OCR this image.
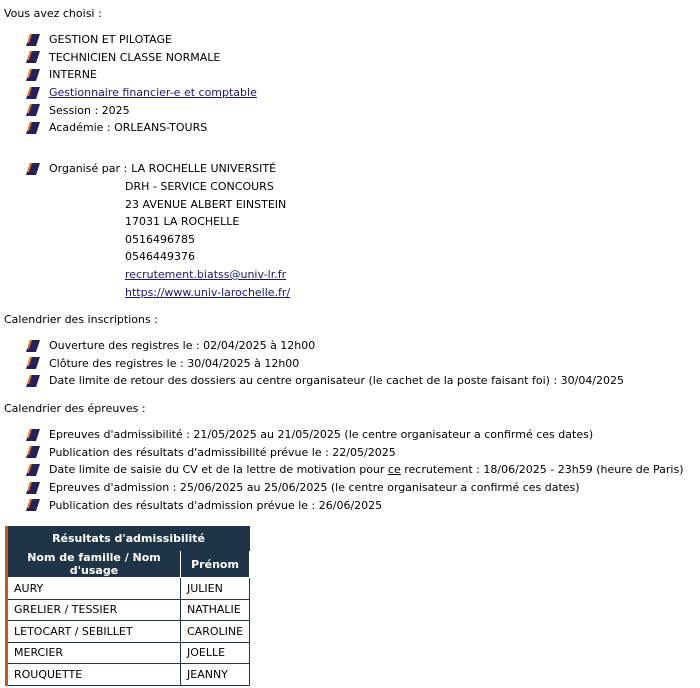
Vous avez choisi :
GESTION ET PILOTAGE
TECHNICIEN CLASSE NORMALE
INTERNE
Gestionnaire financier-e et comptable
Session : 2025
Académie : ORLEANS-TOURS
Organisé par : LA ROCHELLE UNIVERSITÉ
DRH - SERVICE CONCOURS
23 AVENUE ALBERT EINSTEIN
17031 LA ROCHELLE
0516496785
0546449376
recrutement.biatss@univ-lr.fr
https://www.univ-larochelle.fr/
Calendrier des inscriptions :
Ouverture des registres le : 02/04/2025 à 12h00
Clôture des registres le : 30/04/2025 à 12h00
Date limite de retour des dossiers au centre organisateur (le cachet de la poste faisant foi) : 30/04/2025
Calendrier des épreuves :
Epreuves d'admissibilité : 21/05/2025 au 21/05/2025 (le centre organisateur a confirmé ces dates)
Publication des résultats d'admissibilité prévue le : 22/05/2025
Date limite de saisie du CV et de la lettre de motivation pour ce recrutement : 18/06/2025 - 23h59 (heure de Paris)
Epreuves d'admission : 25/06/2025 au 25/06/2025 (le centre organisateur a confirmé ces dates)
Publication des résultats d'admission prévue le : 26/06/2025
Résultats d'admissibilité	
Nom de famille / Nom d'usage	Prénom
AURY	JULIEN
GRELIER / TESSIER	NATHALIE
LETOCART / SEBILLET	CAROLINE
MERCIER	JOELLE
ROUQUETTE	JEANNY
